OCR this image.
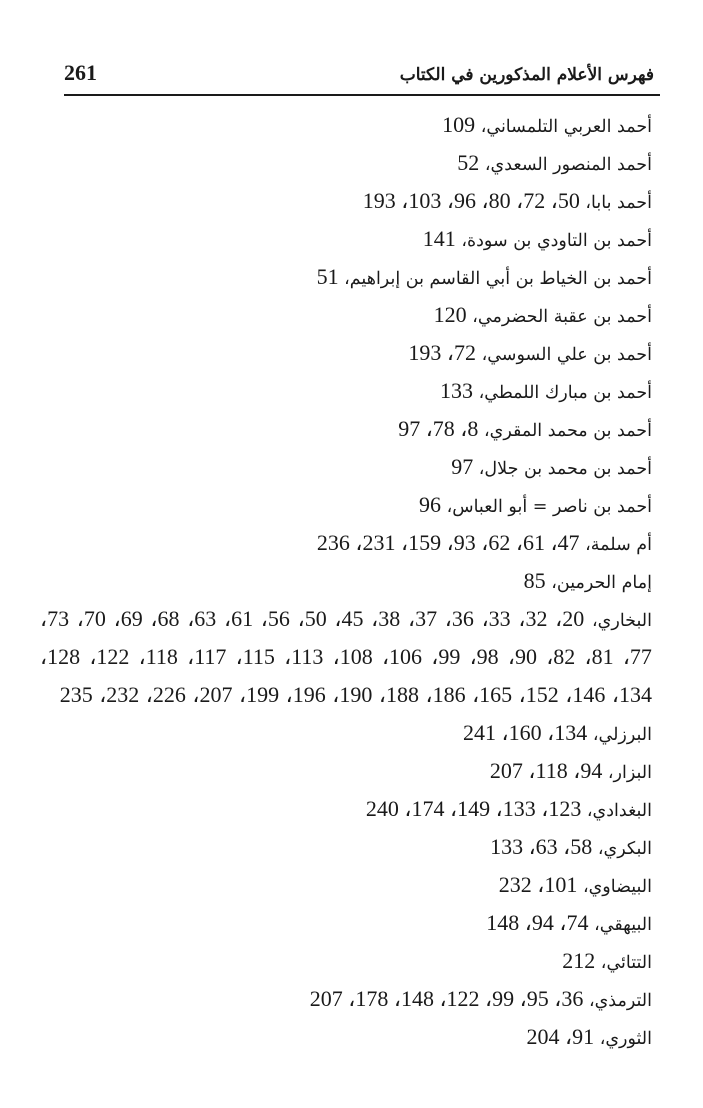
261	فهرس الأعلام المذكورين في الكتاب
أحمد العربي التلمساني، 109
أحمد المنصور السعدي، 52
أحمد بابا، 50، 72، 80، 96، 103، 193
أحمد بن التاودي بن سودة، 141
أحمد بن الخياط بن أبي القاسم بن إبراهيم، 51
أحمد بن عقبة الحضرمي، 120
أحمد بن علي السوسي، 72، 193
أحمد بن مبارك اللمطي، 133
أحمد بن محمد المقري، 8، 78، 97
أحمد بن محمد بن جلال، 97
أحمد بن ناصر = أبو العباس، 96
أم سلمة، 47، 61، 62، 93، 159، 231، 236
إمام الحرمين، 85
البخاري، 20، 32، 33، 36، 37، 38، 45، 50، 56، 61، 63، 68، 69، 70، 73، 77، 81، 82، 90، 98، 99، 106، 108، 113، 115، 117، 118، 122، 128، 134، 146، 152، 165، 186، 188، 190، 196، 199، 207، 226، 232، 235
البرزلي، 134، 160، 241
البزار، 94، 118، 207
البغدادي، 123، 133، 149، 174، 240
البكري، 58، 63، 133
البيضاوي، 101، 232
البيهقي، 74، 94، 148
التتائي، 212
الترمذي، 36، 95، 99، 122، 148، 178، 207
الثوري، 91، 204
